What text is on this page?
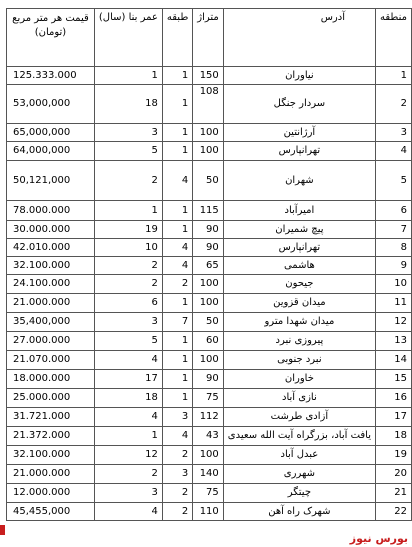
منطقه	آدرس	متراژ	طبقه	عمر بنا (سال)	قیمت هر متر مربع
(تومان)

1	نیاوران	150	1	1	125.333.000
2	سردار جنگل	108	1	18	53,000,000
3	آرژانتین	100	1	3	65,000,000
4	تهرانپارس	100	1	5	64,000,000
5	شهران	50	4	2	50,121,000
6	امیرآباد	115	1	1	78.000.000
7	پیچ شمیران	90	1	19	30.000.000
8	تهرانپارس	90	4	10	42.010.000
9	هاشمی	65	4	2	32.100.000
10	جیحون	100	2	2	24.100.000
11	میدان قزوین	100	1	6	21.000.000
12	میدان شهدا مترو	50	7	3	35,400,000
13	پیروزی نبرد	60	1	5	27.000.000
14	نبرد جنوبی	100	1	4	21.070.000
15	خاوران	90	1	17	18.000.000
16	نازی آباد	75	1	18	25.000.000
17	آزادی طرشت	112	3	4	31.721.000
18	یافت آباد، بزرگراه آیت الله سعیدی	43	4	1	21.372.000
19	عبدل آباد	100	2	12	32.100.000
20	شهرری	140	3	2	21.000.000
21	چیتگر	75	2	3	12.000.000
22	شهرک راه آهن	110	2	4	45,455,000
بورس نیوز
